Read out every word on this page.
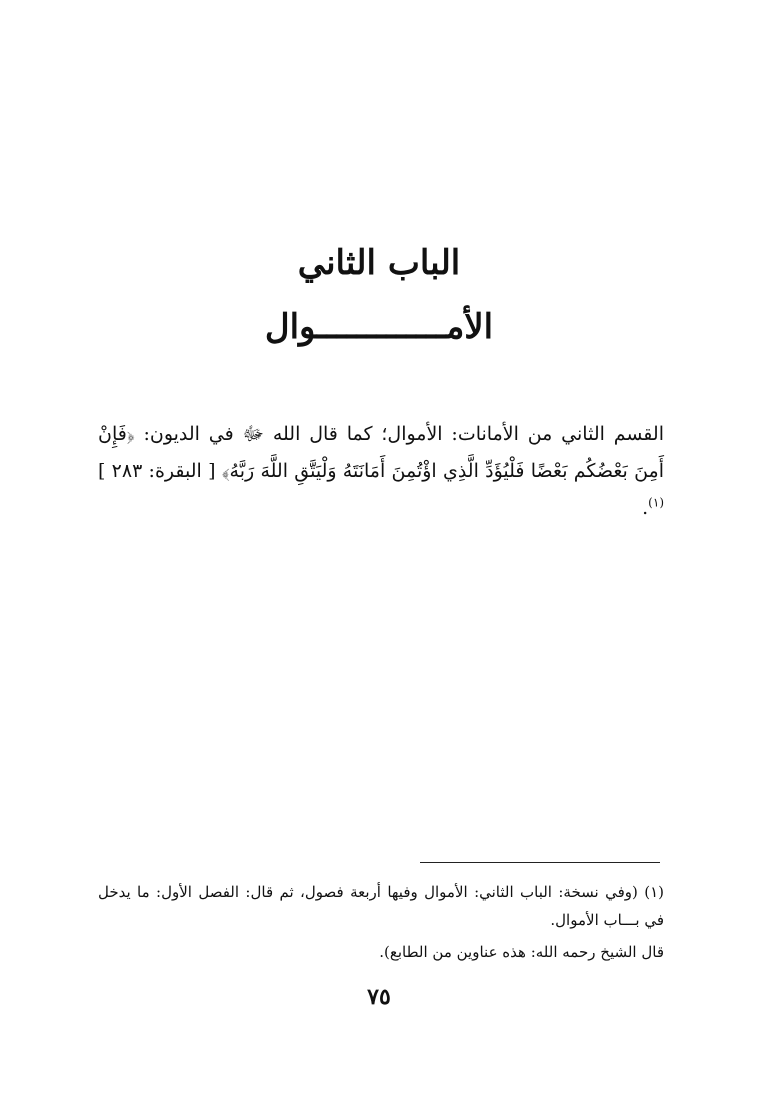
الباب الثاني
الأمـــــــــــــوال

القسم الثاني من الأمانات: الأموال؛ كما قال الله ﷻ في الديون: ﴿فَإِنْ أَمِنَ بَعْضُكُم بَعْضًا فَلْيُؤَدِّ الَّذِي اؤْتُمِنَ أَمَانَتَهُ وَلْيَتَّقِ اللَّهَ رَبَّهُ﴾ [ البقرة: ٢٨٣ ]$^{(١)}$.

(١) (وفي نسخة: الباب الثاني: الأموال وفيها أربعة فصول، ثم قال: الفصل الأول: ما يدخل في بـــاب الأموال.

قال الشيخ رحمه الله: هذه عناوين من الطابع).

٧٥
